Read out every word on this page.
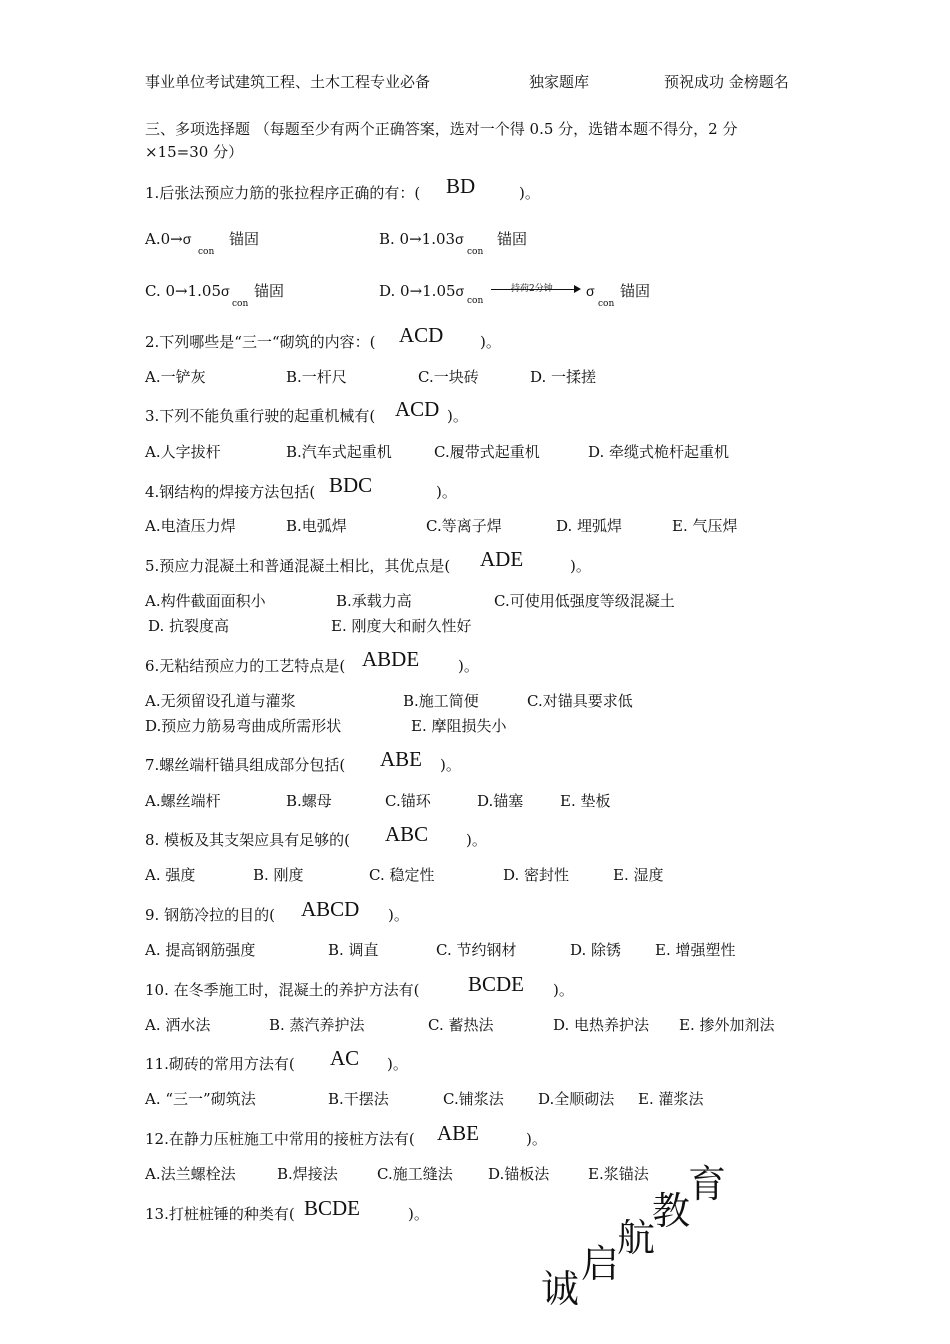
事业单位考试建筑工程、土木工程专业必备	独家题库	预祝成功 金榜题名
三、多项选择题 （每题至少有两个正确答案，选对一个得 0.5 分，选错本题不得分，2 分
×15=30 分）
1.后张法预应力筋的张拉程序正确的有：( BD	)。
A.0→σ
con
锚固	B. 0→1.03σ
con
锚固
C. 0→1.05σ
con
锚固	D. 0→1.05σ
con
持荷2分钟 σ
con
锚固
2.下列哪些是“三一“砌筑的内容：( ACD )。
A.一铲灰	B.一杆尺	C.一块砖	D. 一揉搓
3.下列不能负重行驶的起重机械有( ACD )。
A.人字拔杆	B.汽车式起重机	C.履带式起重机	D. 牵缆式桅杆起重机
4.钢结构的焊接方法包括( BDC	)。
A.电渣压力焊	B.电弧焊	C.等离子焊	D. 埋弧焊	E. 气压焊
5.预应力混凝土和普通混凝土相比，其优点是( ADE	)。
A.构件截面面积小	B.承载力高	C.可使用低强度等级混凝土
D. 抗裂度高	E. 刚度大和耐久性好
6.无粘结预应力的工艺特点是( ABDE	)。
A.无须留设孔道与灌浆	B.施工简便	C.对锚具要求低
D.预应力筋易弯曲成所需形状	E. 摩阻损失小
7.螺丝端杆锚具组成部分包括( ABE )。
A.螺丝端杆	B.螺母	C.锚环	D.锚塞 E. 垫板
8. 模板及其支架应具有足够的( ABC	)。
A. 强度	B. 刚度	C. 稳定性	D. 密封性	E. 湿度
9. 钢筋冷拉的目的( ABCD )。
A. 提高钢筋强度	B. 调直	C. 节约钢材	D. 除锈 E. 增强塑性
10. 在冬季施工时，混凝土的养护方法有( BCDE )。
A. 洒水法	B. 蒸汽养护法	C. 蓄热法	D. 电热养护法 E. 掺外加剂法
11.砌砖的常用方法有( AC )。
A. “三一”砌筑法	B.干摆法	C.铺浆法 D.全顺砌法 E. 灌浆法
12.在静力压桩施工中常用的接桩方法有( ABE	)。
A.法兰螺栓法	B.焊接法	C.施工缝法 D.锚板法	E.浆锚法
13.打桩桩锤的种类有( BCDE	)。
诚
启
航
教
育
